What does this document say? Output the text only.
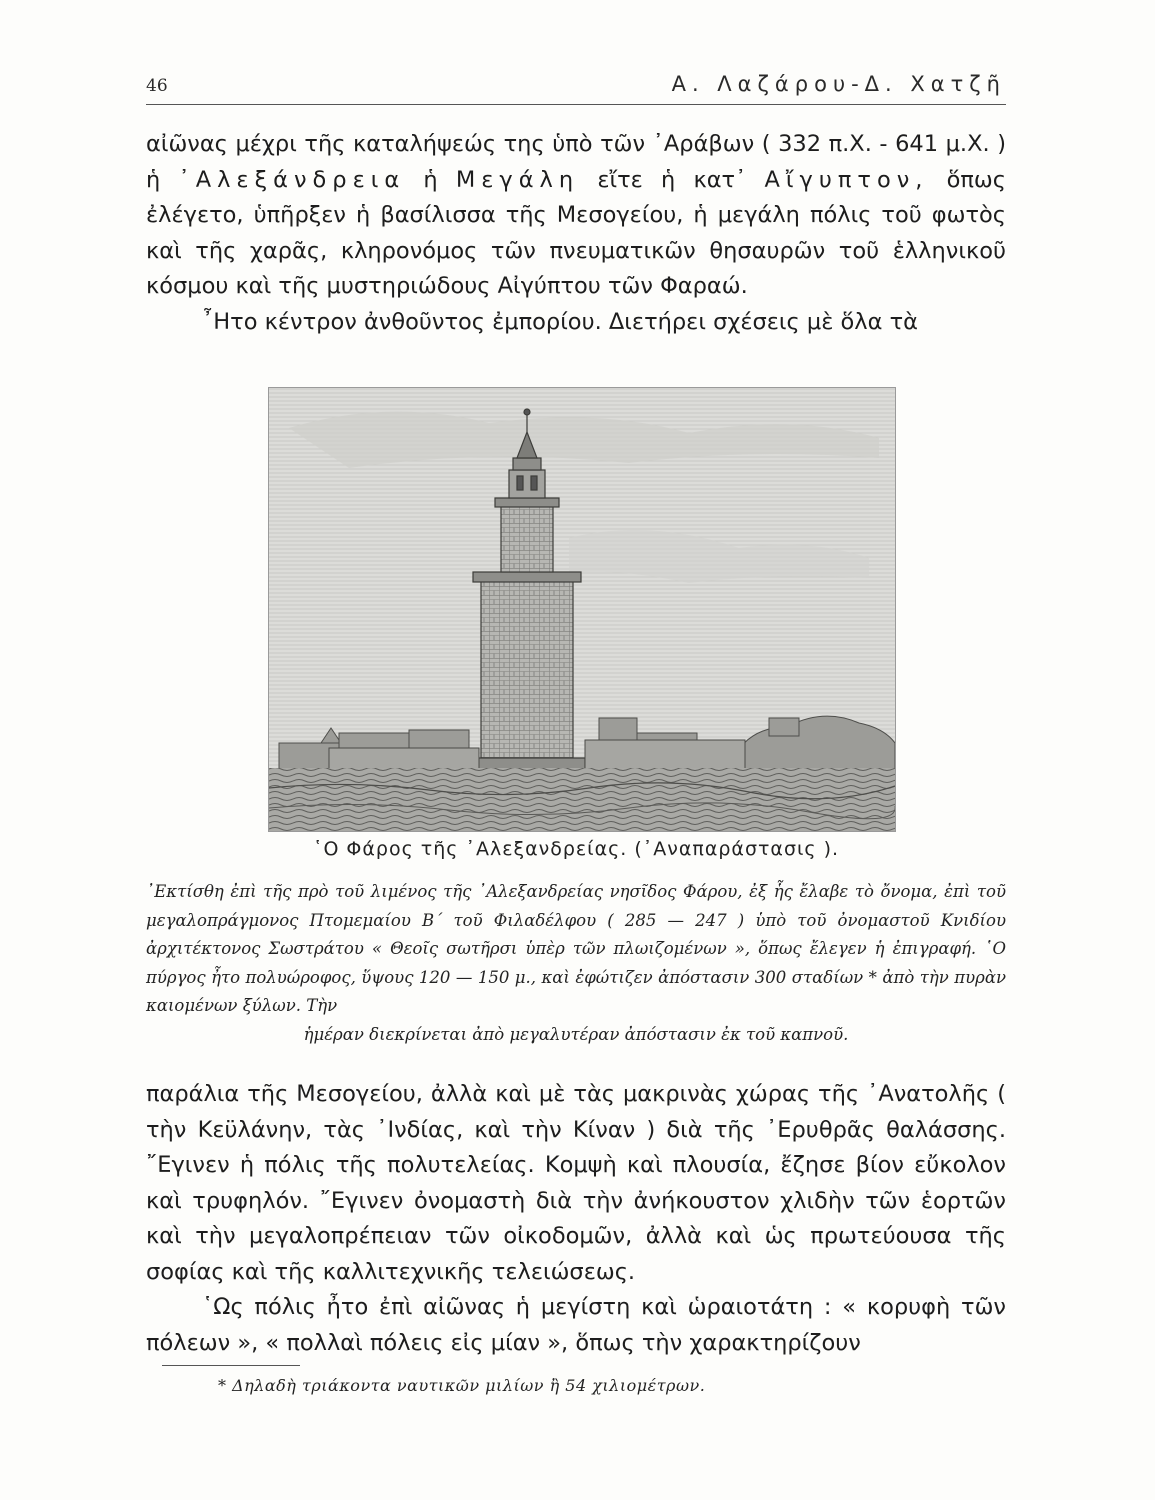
46	Α. Λαζάρου-Δ. Χατζῆ

αἰῶνας μέχρι τῆς καταλήψεώς της ὑπὸ τῶν ᾿Αράβων ( 332 π.Χ. - 641 μ.Χ. ) ἡ ᾿Αλεξάνδρεια ἡ Μεγάλη εἴτε ἡ κατ᾿ Αἴγυπτον, ὅπως ἐλέγετο, ὑπῆρξεν ἡ βασίλισσα τῆς Μεσογείου, ἡ μεγάλη πόλις τοῦ φωτὸς καὶ τῆς χαρᾶς, κληρονόμος τῶν πνευματικῶν θησαυρῶν τοῦ ἑλληνικοῦ κόσμου καὶ τῆς μυστηριώδους Αἰγύπτου τῶν Φαραώ.

῏Ητο κέντρον ἀνθοῦντος ἐμπορίου. Διετήρει σχέσεις μὲ ὅλα τὰ

῾Ο Φάρος τῆς ᾿Αλεξανδρείας. (᾿Αναπαράστασις ).

᾿Εκτίσθη ἐπὶ τῆς πρὸ τοῦ λιμένος τῆς ᾿Αλεξανδρείας νησῖδος Φάρου, ἐξ ἧς ἔλαβε τὸ ὄνομα, ἐπὶ τοῦ μεγαλοπράγμονος Πτομεμαίου Β΄ τοῦ Φιλαδέλφου ( 285 — 247 ) ὑπὸ τοῦ ὀνομαστοῦ Κνιδίου ἀρχιτέκτονος Σωστράτου « Θεοῖς σωτῆρσι ὑπὲρ τῶν πλωιζομένων », ὅπως ἔλεγεν ἡ ἐπιγραφή. ῾Ο πύργος ἦτο πολυώροφος, ὕψους 120 — 150 μ., καὶ ἐφώτιζεν ἀπόστασιν 300 σταδίων * ἀπὸ τὴν πυρὰν καιομένων ξύλων. Τὴν

ἡμέραν διεκρίνεται ἀπὸ μεγαλυτέραν ἀπόστασιν ἐκ τοῦ καπνοῦ.

παράλια τῆς Μεσογείου, ἀλλὰ καὶ μὲ τὰς μακρινὰς χώρας τῆς ᾿Ανατολῆς ( τὴν Κεϋλάνην, τὰς ᾿Ινδίας, καὶ τὴν Κίναν ) διὰ τῆς ᾿Ερυθρᾶς θαλάσσης. ῎Εγινεν ἡ πόλις τῆς πολυτελείας. Κομψὴ καὶ πλουσία, ἔζησε βίον εὔκολον καὶ τρυφηλόν. ῎Εγινεν ὀνομαστὴ διὰ τὴν ἀνήκουστον χλιδὴν τῶν ἑορτῶν καὶ τὴν μεγαλοπρέπειαν τῶν οἰκοδομῶν, ἀλλὰ καὶ ὡς πρωτεύουσα τῆς σοφίας καὶ τῆς καλλιτεχνικῆς τελειώσεως.

῾Ως πόλις ἦτο ἐπὶ αἰῶνας ἡ μεγίστη καὶ ὡραιοτάτη : « κορυφὴ τῶν πόλεων », « πολλαὶ πόλεις εἰς μίαν », ὅπως τὴν χαρακτηρίζουν

* Δηλαδὴ τριάκοντα ναυτικῶν μιλίων ἢ 54 χιλιομέτρων.
